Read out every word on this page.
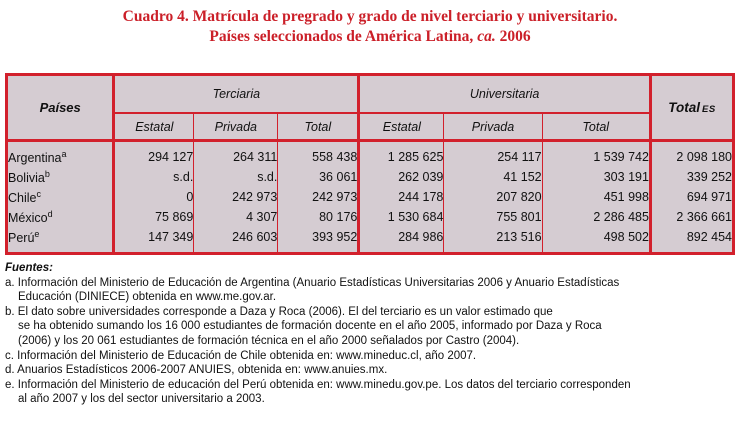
Cuadro 4. Matrícula de pregrado y grado de nivel terciario y universitario.
Países seleccionados de América Latina, ca. 2006
Países	Terciaria			Universitaria			Total ES
	Estatal	Privada	Total	Estatal	Privada	Total	
Argentina$^a$	294 127	264 311	558 438	1 285 625	254 117	1 539 742	2 098 180
Bolivia$^b$	s.d.	s.d.	36 061	262 039	41 152	303 191	339 252
Chile$^c$	0	242 973	242 973	244 178	207 820	451 998	694 971
México$^d$	75 869	4 307	80 176	1 530 684	755 801	2 286 485	2 366 661
Perú$^e$	147 349	246 603	393 952	284 986	213 516	498 502	892 454
Fuentes:
a. Información del Ministerio de Educación de Argentina (Anuario Estadísticas Universitarias 2006 y Anuario Estadísticas
Educación (DINIECE) obtenida en www.me.gov.ar.
b. El dato sobre universidades corresponde a Daza y Roca (2006). El del terciario es un valor estimado que
se ha obtenido sumando los 16 000 estudiantes de formación docente en el año 2005, informado por Daza y Roca
(2006) y los 20 061 estudiantes de formación técnica en el año 2000 señalados por Castro (2004).
c. Información del Ministerio de Educación de Chile obtenida en: www.mineduc.cl, año 2007.
d. Anuarios Estadísticos 2006-2007 ANUIES, obtenida en: www.anuies.mx.
e. Información del Ministerio de educación del Perú obtenida en: www.minedu.gov.pe. Los datos del terciario corresponden
al año 2007 y los del sector universitario a 2003.
